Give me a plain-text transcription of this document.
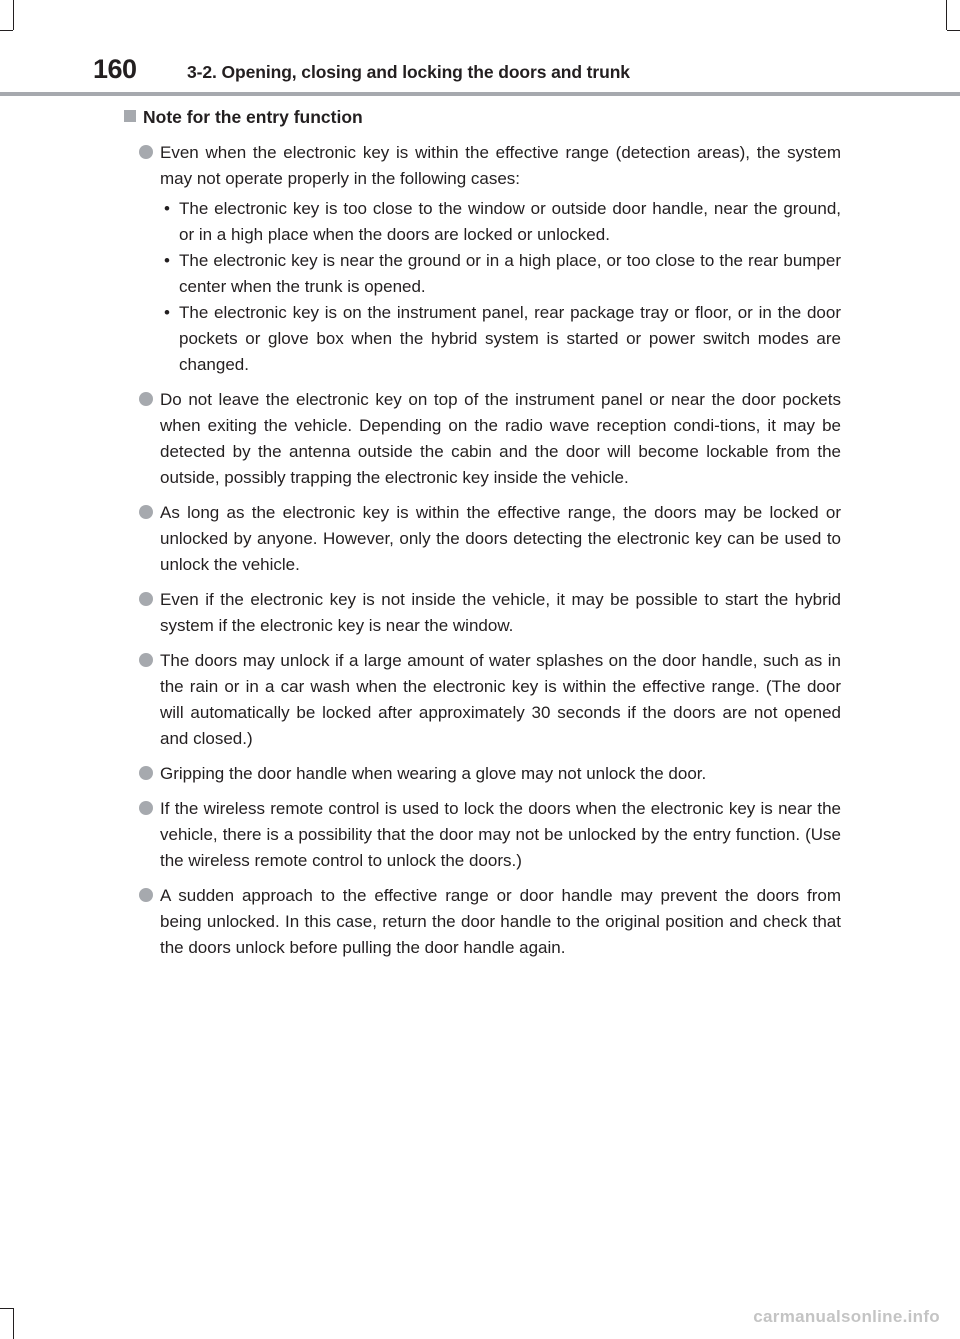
160	3-2. Opening, closing and locking the doors and trunk
Note for the entry function

Even when the electronic key is within the effective range (detection areas), the system may not operate properly in the following cases:

• The electronic key is too close to the window or outside door handle, near the ground, or in a high place when the doors are locked or unlocked.
• The electronic key is near the ground or in a high place, or too close to the rear bumper center when the trunk is opened.
• The electronic key is on the instrument panel, rear package tray or floor, or in the door pockets or glove box when the hybrid system is started or power switch modes are changed.

Do not leave the electronic key on top of the instrument panel or near the door pockets when exiting the vehicle. Depending on the radio wave reception condi-tions, it may be detected by the antenna outside the cabin and the door will become lockable from the outside, possibly trapping the electronic key inside the vehicle.

As long as the electronic key is within the effective range, the doors may be locked or unlocked by anyone. However, only the doors detecting the electronic key can be used to unlock the vehicle.

Even if the electronic key is not inside the vehicle, it may be possible to start the hybrid system if the electronic key is near the window.

The doors may unlock if a large amount of water splashes on the door handle, such as in the rain or in a car wash when the electronic key is within the effective range. (The door will automatically be locked after approximately 30 seconds if the doors are not opened and closed.)

Gripping the door handle when wearing a glove may not unlock the door.

If the wireless remote control is used to lock the doors when the electronic key is near the vehicle, there is a possibility that the door may not be unlocked by the entry function. (Use the wireless remote control to unlock the doors.)

A sudden approach to the effective range or door handle may prevent the doors from being unlocked. In this case, return the door handle to the original position and check that the doors unlock before pulling the door handle again.

carmanualsonline.info
